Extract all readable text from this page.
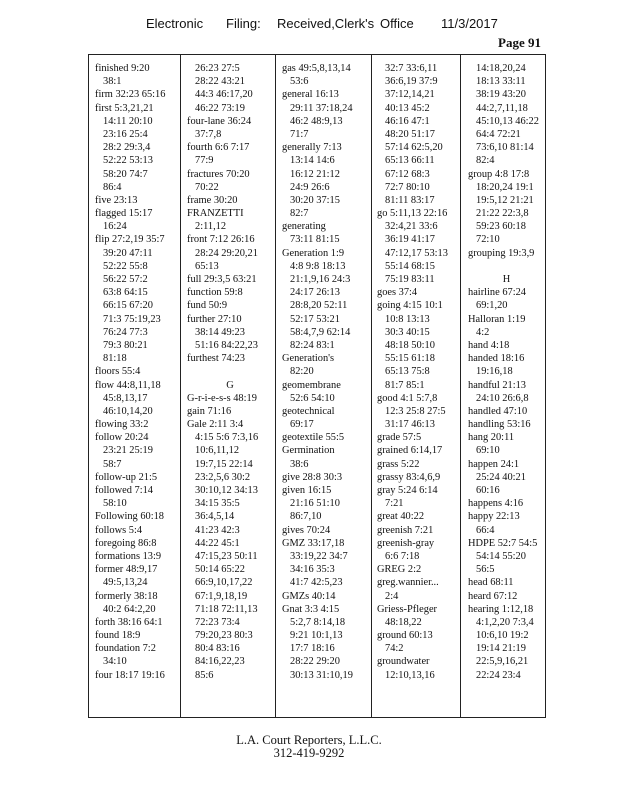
Electronic Filing: Received,Clerk's Office 11/3/2017
Page 91
finished 9:20
38:1
firm 32:23 65:16
first 5:3,21,21
14:11 20:10
23:16 25:4
28:2 29:3,4
52:22 53:13
58:20 74:7
86:4
five 23:13
flagged 15:17
16:24
flip 27:2,19 35:7
39:20 47:11
52:22 55:8
56:22 57:2
63:8 64:15
66:15 67:20
71:3 75:19,23
76:24 77:3
79:3 80:21
81:18
floors 55:4
flow 44:8,11,18
45:8,13,17
46:10,14,20
flowing 33:2
follow 20:24
23:21 25:19
58:7
follow-up 21:5
followed 7:14
58:10
Following 60:18
follows 5:4
foregoing 86:8
formations 13:9
former 48:9,17
49:5,13,24
formerly 38:18
40:2 64:2,20
forth 38:16 64:1
found 18:9
foundation 7:2
34:10
four 18:17 19:16
26:23 27:5
28:22 43:21
44:3 46:17,20
46:22 73:19
four-lane 36:24
37:7,8
fourth 6:6 7:17
77:9
fractures 70:20
70:22
frame 30:20
FRANZETTI
2:11,12
front 7:12 26:16
28:24 29:20,21
65:13
full 29:3,5 63:21
function 59:8
fund 50:9
further 27:10
38:14 49:23
51:16 84:22,23
furthest 74:23
G
G-r-i-e-s-s 48:19
gain 71:16
Gale 2:11 3:4
4:15 5:6 7:3,16
10:6,11,12
19:7,15 22:14
23:2,5,6 30:2
30:10,12 34:13
34:15 35:5
36:4,5,14
41:23 42:3
44:22 45:1
47:15,23 50:11
50:14 65:22
66:9,10,17,22
67:1,9,18,19
71:18 72:11,13
72:23 73:4
79:20,23 80:3
80:4 83:16
84:16,22,23
85:6
gas 49:5,8,13,14
53:6
general 16:13
29:11 37:18,24
46:2 48:9,13
71:7
generally 7:13
13:14 14:6
16:12 21:12
24:9 26:6
30:20 37:15
82:7
generating
73:11 81:15
Generation 1:9
4:8 9:8 18:13
21:1,9,16 24:3
24:17 26:13
28:8,20 52:11
52:17 53:21
58:4,7,9 62:14
82:24 83:1
Generation's
82:20
geomembrane
52:6 54:10
geotechnical
69:17
geotextile 55:5
Germination
38:6
give 28:8 30:3
given 16:15
21:16 51:10
86:7,10
gives 70:24
GMZ 33:17,18
33:19,22 34:7
34:16 35:3
41:7 42:5,23
GMZs 40:14
Gnat 3:3 4:15
5:2,7 8:14,18
9:21 10:1,13
17:7 18:16
28:22 29:20
30:13 31:10,19
32:7 33:6,11
36:6,19 37:9
37:12,14,21
40:13 45:2
46:16 47:1
48:20 51:17
57:14 62:5,20
65:13 66:11
67:12 68:3
72:7 80:10
81:11 83:17
go 5:11,13 22:16
32:4,21 33:6
36:19 41:17
47:12,17 53:13
55:14 68:15
75:19 83:11
goes 37:4
going 4:15 10:1
10:8 13:13
30:3 40:15
48:18 50:10
55:15 61:18
65:13 75:8
81:7 85:1
good 4:1 5:7,8
12:3 25:8 27:5
31:17 46:13
grade 57:5
grained 6:14,17
grass 5:22
grassy 83:4,6,9
gray 5:24 6:14
7:21
great 40:22
greenish 7:21
greenish-gray
6:6 7:18
GREG 2:2
greg.wannier...
2:4
Griess-Pfleger
48:18,22
ground 60:13
74:2
groundwater
12:10,13,16
14:18,20,24
18:13 33:11
38:19 43:20
44:2,7,11,18
45:10,13 46:22
64:4 72:21
73:6,10 81:14
82:4
group 4:8 17:8
18:20,24 19:1
19:5,12 21:21
21:22 22:3,8
59:23 60:18
72:10
grouping 19:3,9
H
hairline 67:24
69:1,20
Halloran 1:19
4:2
hand 4:18
handed 18:16
19:16,18
handful 21:13
24:10 26:6,8
handled 47:10
handling 53:16
hang 20:11
69:10
happen 24:1
25:24 40:21
60:16
happens 4:16
happy 22:13
66:4
HDPE 52:7 54:5
54:14 55:20
56:5
head 68:11
heard 67:12
hearing 1:12,18
4:1,2,20 7:3,4
10:6,10 19:2
19:14 21:19
22:5,9,16,21
22:24 23:4
L.A. Court Reporters, L.L.C.
312-419-9292
